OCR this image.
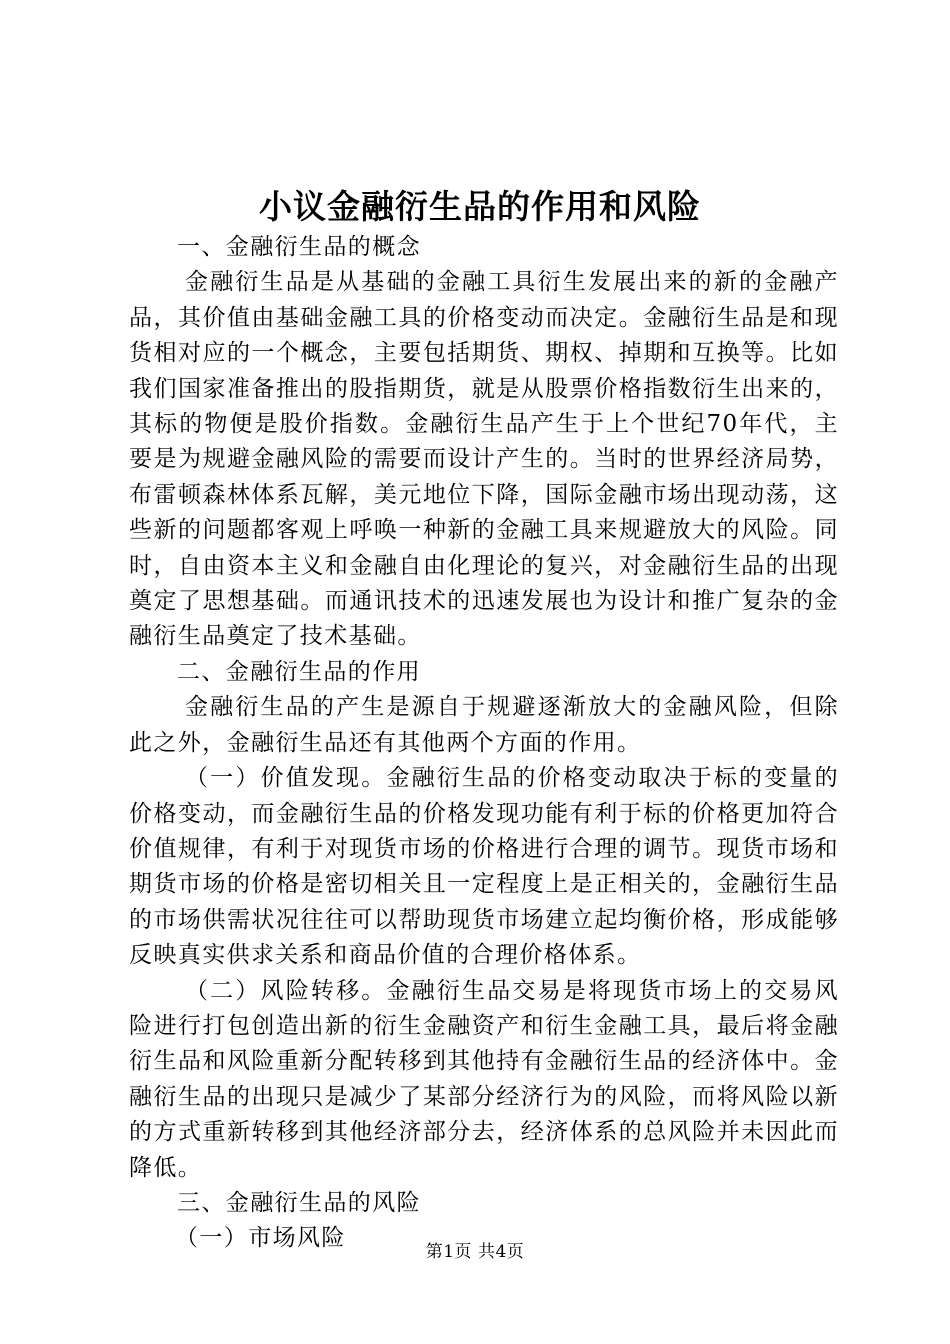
小议金融衍生品的作用和风险

一、金融衍生品的概念

金融衍生品是从基础的金融工具衍生发展出来的新的金融产品，其价值由基础金融工具的价格变动而决定。金融衍生品是和现货相对应的一个概念，主要包括期货、期权、掉期和互换等。比如我们国家准备推出的股指期货，就是从股票价格指数衍生出来的，其标的物便是股价指数。金融衍生品产生于上个世纪70年代，主要是为规避金融风险的需要而设计产生的。当时的世界经济局势，布雷顿森林体系瓦解，美元地位下降，国际金融市场出现动荡，这些新的问题都客观上呼唤一种新的金融工具来规避放大的风险。同时，自由资本主义和金融自由化理论的复兴，对金融衍生品的出现奠定了思想基础。而通讯技术的迅速发展也为设计和推广复杂的金融衍生品奠定了技术基础。

二、金融衍生品的作用

金融衍生品的产生是源自于规避逐渐放大的金融风险，但除此之外，金融衍生品还有其他两个方面的作用。

（一）价值发现。金融衍生品的价格变动取决于标的变量的价格变动，而金融衍生品的价格发现功能有利于标的价格更加符合价值规律，有利于对现货市场的价格进行合理的调节。现货市场和期货市场的价格是密切相关且一定程度上是正相关的，金融衍生品的市场供需状况往往可以帮助现货市场建立起均衡价格，形成能够反映真实供求关系和商品价值的合理价格体系。

（二）风险转移。金融衍生品交易是将现货市场上的交易风险进行打包创造出新的衍生金融资产和衍生金融工具，最后将金融衍生品和风险重新分配转移到其他持有金融衍生品的经济体中。金融衍生品的出现只是减少了某部分经济行为的风险，而将风险以新的方式重新转移到其他经济部分去，经济体系的总风险并未因此而降低。

三、金融衍生品的风险

（一）市场风险

第1页 共4页
